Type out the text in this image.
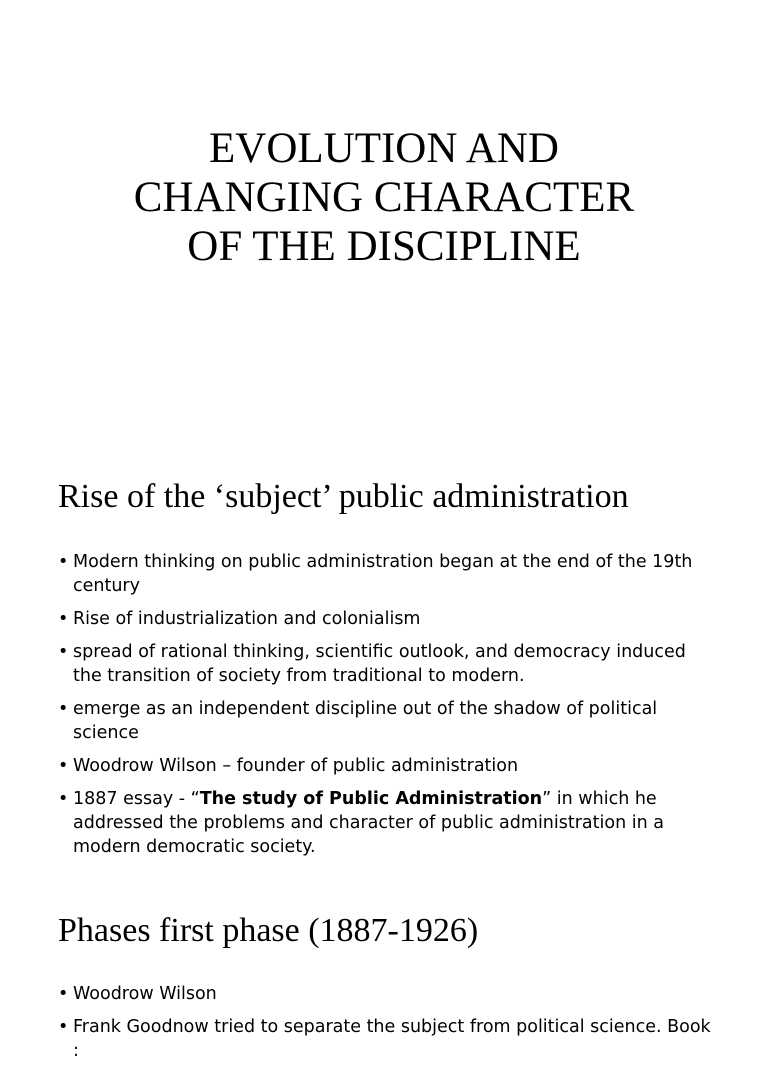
EVOLUTION AND
CHANGING CHARACTER
OF THE DISCIPLINE
Rise of the ‘subject’ public administration
• Modern thinking on public administration began at the end of the 19th century
• Rise of industrialization and colonialism
• spread of rational thinking, scientific outlook, and democracy induced the transition of society from traditional to modern.
• emerge as an independent discipline out of the shadow of political science
• Woodrow Wilson – founder of public administration
• 1887 essay - “The study of Public Administration” in which he addressed the problems and character of public administration in a modern democratic society.
Phases first phase (1887-1926)
• Woodrow Wilson
• Frank Goodnow tried to separate the subject from political science. Book :
